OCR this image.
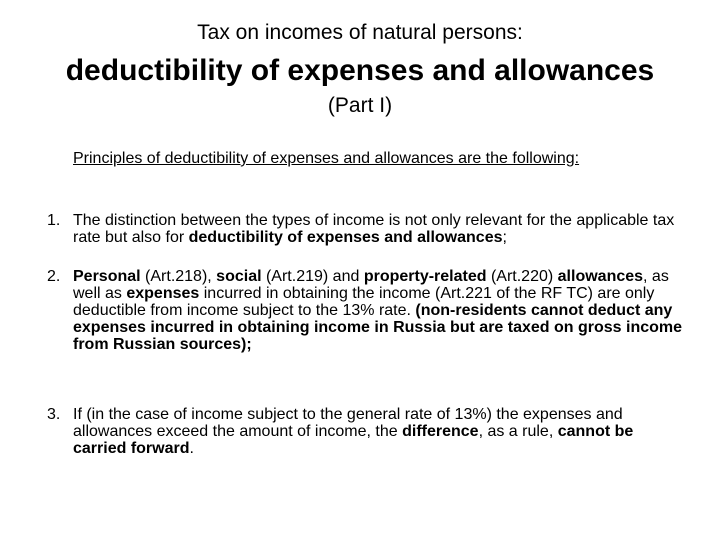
Tax on incomes of natural persons:
deductibility of expenses and allowances
(Part I)
Principles of deductibility of expenses and allowances are the following:
1. The distinction between the types of income is not only relevant for the applicable tax rate but also for deductibility of expenses and allowances;
2. Personal (Art.218), social (Art.219) and property-related (Art.220) allowances, as well as expenses incurred in obtaining the income (Art.221 of the RF TC) are only deductible from income subject to the 13% rate. (non-residents cannot deduct any expenses incurred in obtaining income in Russia but are taxed on gross income from Russian sources);
3. If (in the case of income subject to the general rate of 13%) the expenses and allowances exceed the amount of income, the difference, as a rule, cannot be carried forward.
